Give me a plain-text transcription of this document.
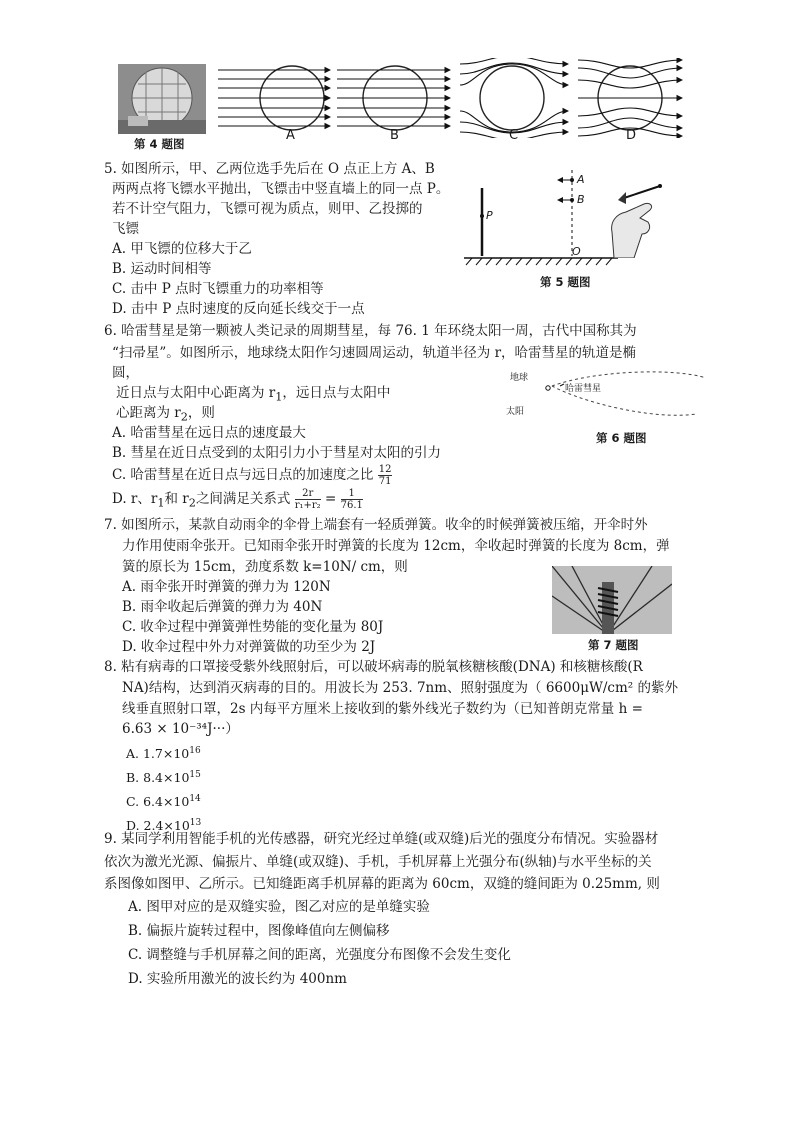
第 4 题图
A	B	C	D
5. 如图所示，甲、乙两位选手先后在 O 点正上方 A、B
两两点将飞镖水平抛出，飞镖击中竖直墙上的同一点 P。
若不计空气阻力，飞镖可视为质点，则甲、乙投掷的
飞镖
A. 甲飞镖的位移大于乙
B. 运动时间相等
C. 击中 P 点时飞镖重力的功率相等
D. 击中 P 点时速度的反向延长线交于一点
A
B
P
O
第 5 题图
6. 哈雷彗星是第一颗被人类记录的周期彗星，每 76. 1 年环绕太阳一周，古代中国称其为
“扫帚星”。如图所示，地球绕太阳作匀速圆周运动，轨道半径为 r，哈雷彗星的轨道是椭
圆，
近日点与太阳中心距离为 $r_1$，远日点与太阳中
心距离为 $r_2$，则
A. 哈雷彗星在远日点的速度最大
B. 彗星在近日点受到的太阳引力小于彗星对太阳的引力
C. 哈雷彗星在近日点与远日点的加速度之比 $\frac{12}{71}$
D. r、$r_1$和 $r_2$之间满足关系式 $\frac{2r}{\text{r₁+r₂}} = \frac{1}{76.1}$
地球
太阳
哈雷彗星
第 6 题图
7. 如图所示，某款自动雨伞的伞骨上端套有一轻质弹簧。收伞的时候弹簧被压缩，开伞时外
力作用使雨伞张开。已知雨伞张开时弹簧的长度为 12cm，伞收起时弹簧的长度为 8cm，弹
簧的原长为 15cm，劲度系数 k=10N/ cm，则
A. 雨伞张开时弹簧的弹力为 120N
B. 雨伞收起后弹簧的弹力为 40N
C. 收伞过程中弹簧弹性势能的变化量为 80J
D. 收伞过程中外力对弹簧做的功至少为 2J	第 7 题图
8. 粘有病毒的口罩接受紫外线照射后，可以破坏病毒的脱氧核糖核酸(DNA) 和核糖核酸(R
NA)结构，达到消灭病毒的目的。用波长为 253. 7nm、照射强度为（ 6600μW/cm² 的紫外
线垂直照射口罩，2s 内每平方厘米上接收到的紫外线光子数约为（已知普朗克常量 h =
6.63 × 10⁻³⁴J···）
A. $1.7\times 10^{16}$
B. $8.4\times 10^{15}$
C. $6.4\times 10^{14}$
D. $2.4\times 10^{13}$
9. 某同学利用智能手机的光传感器，研究光经过单缝(或双缝)后光的强度分布情况。实验器材
依次为激光光源、偏振片、单缝(或双缝)、手机，手机屏幕上光强分布(纵轴)与水平坐标的关
系图像如图甲、乙所示。已知缝距离手机屏幕的距离为 60cm，双缝的缝间距为 0.25mm, 则
A. 图甲对应的是双缝实验，图乙对应的是单缝实验
B. 偏振片旋转过程中，图像峰值向左侧偏移
C. 调整缝与手机屏幕之间的距离，光强度分布图像不会发生变化
D. 实验所用激光的波长约为 400nm
